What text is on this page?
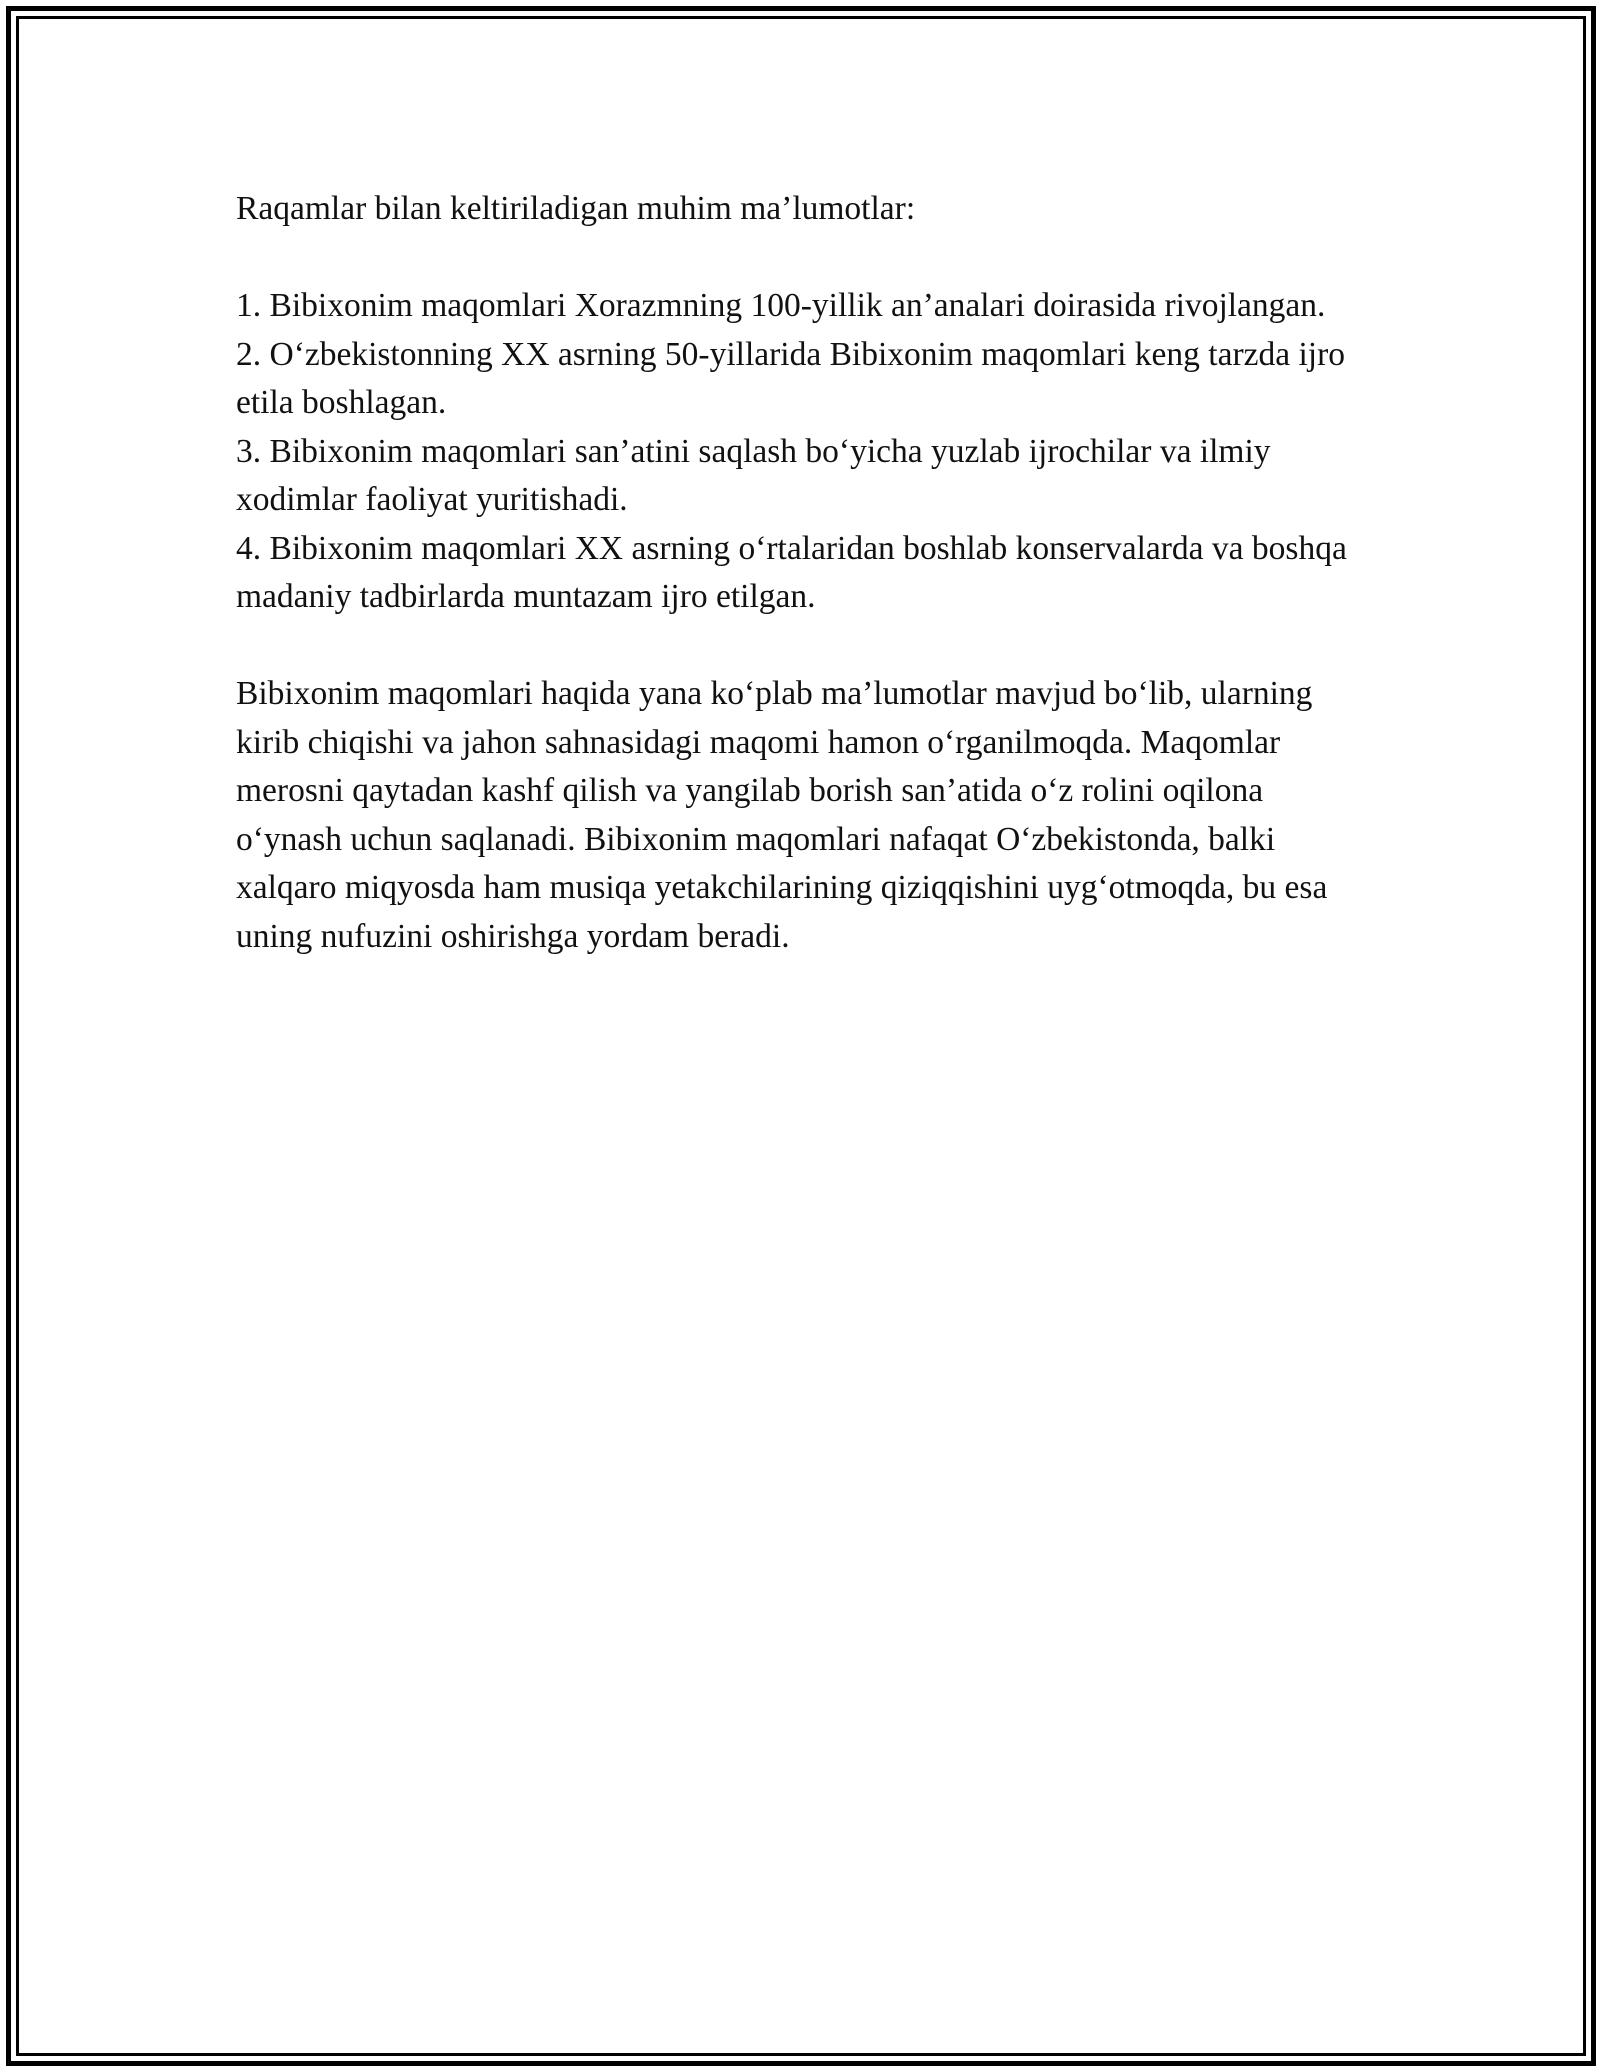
Raqamlar bilan keltiriladigan muhim ma’lumotlar:

1. Bibixonim maqomlari Xorazmning 100-yillik an’analari doirasida rivojlangan.

2. O‘zbekistonning XX asrning 50-yillarida Bibixonim maqomlari keng tarzda ijro etila boshlagan.

3. Bibixonim maqomlari san’atini saqlash bo‘yicha yuzlab ijrochilar va ilmiy xodimlar faoliyat yuritishadi.

4. Bibixonim maqomlari XX asrning o‘rtalaridan boshlab konservalarda va boshqa madaniy tadbirlarda muntazam ijro etilgan.

Bibixonim maqomlari haqida yana ko‘plab ma’lumotlar mavjud bo‘lib, ularning kirib chiqishi va jahon sahnasidagi maqomi hamon o‘rganilmoqda. Maqomlar merosni qaytadan kashf qilish va yangilab borish san’atida o‘z rolini oqilona o‘ynash uchun saqlanadi. Bibixonim maqomlari nafaqat O‘zbekistonda, balki xalqaro miqyosda ham musiqa yetakchilarining qiziqqishini uyg‘otmoqda, bu esa uning nufuzini oshirishga yordam beradi.
